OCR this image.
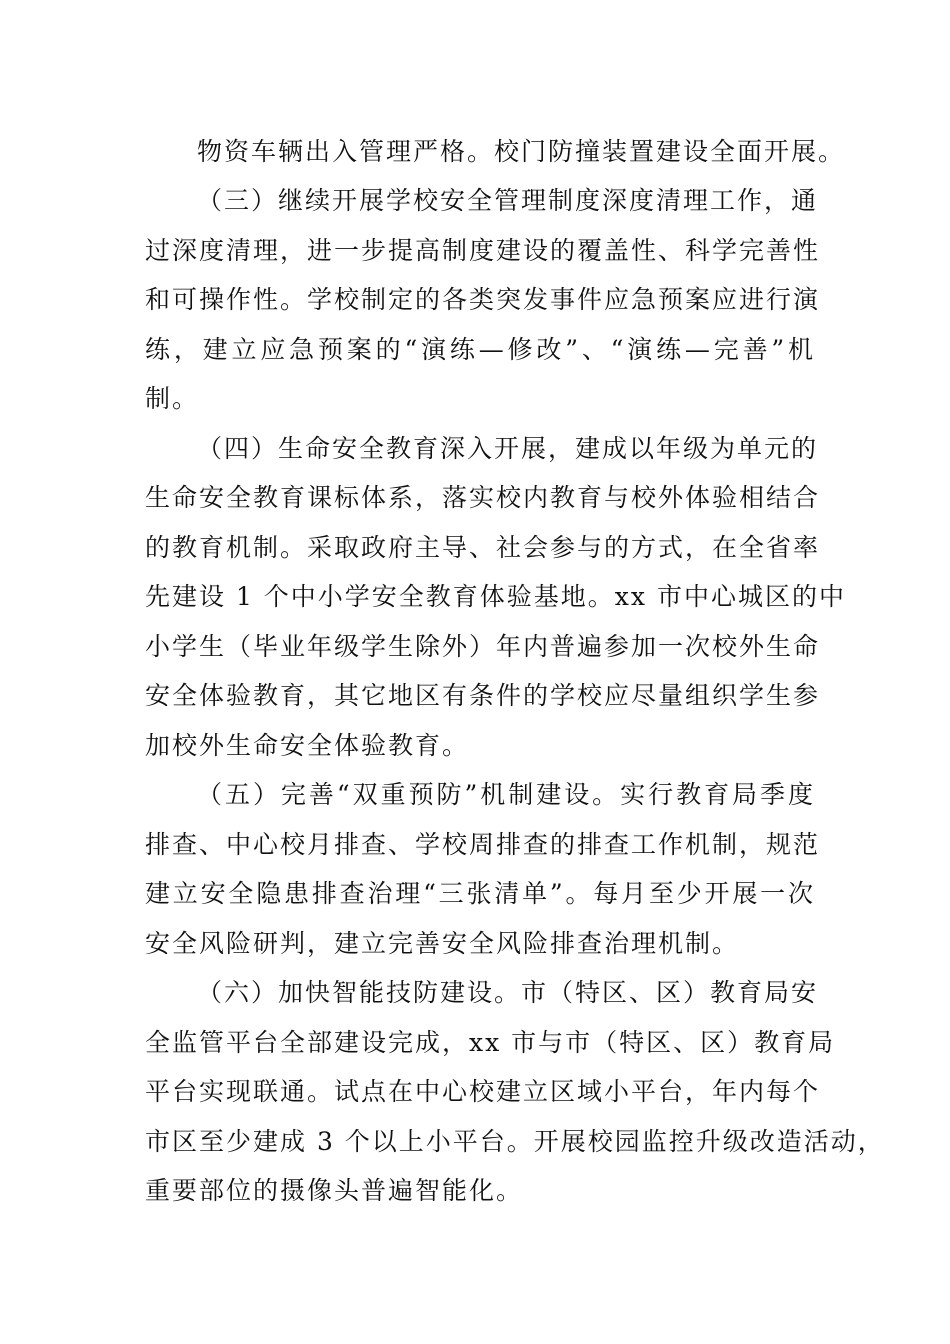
物资车辆出入管理严格。校门防撞装置建设全面开展。
（三）继续开展学校安全管理制度深度清理工作，通
过深度清理，进一步提高制度建设的覆盖性、科学完善性
和可操作性。学校制定的各类突发事件应急预案应进行演
练，建立应急预案的“演练—修改”、“演练—完善”机
制。
（四）生命安全教育深入开展，建成以年级为单元的
生命安全教育课标体系，落实校内教育与校外体验相结合
的教育机制。采取政府主导、社会参与的方式，在全省率
先建设 1 个中小学安全教育体验基地。xx 市中心城区的中
小学生（毕业年级学生除外）年内普遍参加一次校外生命
安全体验教育，其它地区有条件的学校应尽量组织学生参
加校外生命安全体验教育。
（五）完善“双重预防”机制建设。实行教育局季度
排查、中心校月排查、学校周排查的排查工作机制，规范
建立安全隐患排查治理“三张清单”。每月至少开展一次
安全风险研判，建立完善安全风险排查治理机制。
（六）加快智能技防建设。市（特区、区）教育局安
全监管平台全部建设完成，xx 市与市（特区、区）教育局
平台实现联通。试点在中心校建立区域小平台，年内每个
市区至少建成 3 个以上小平台。开展校园监控升级改造活动，
重要部位的摄像头普遍智能化。
